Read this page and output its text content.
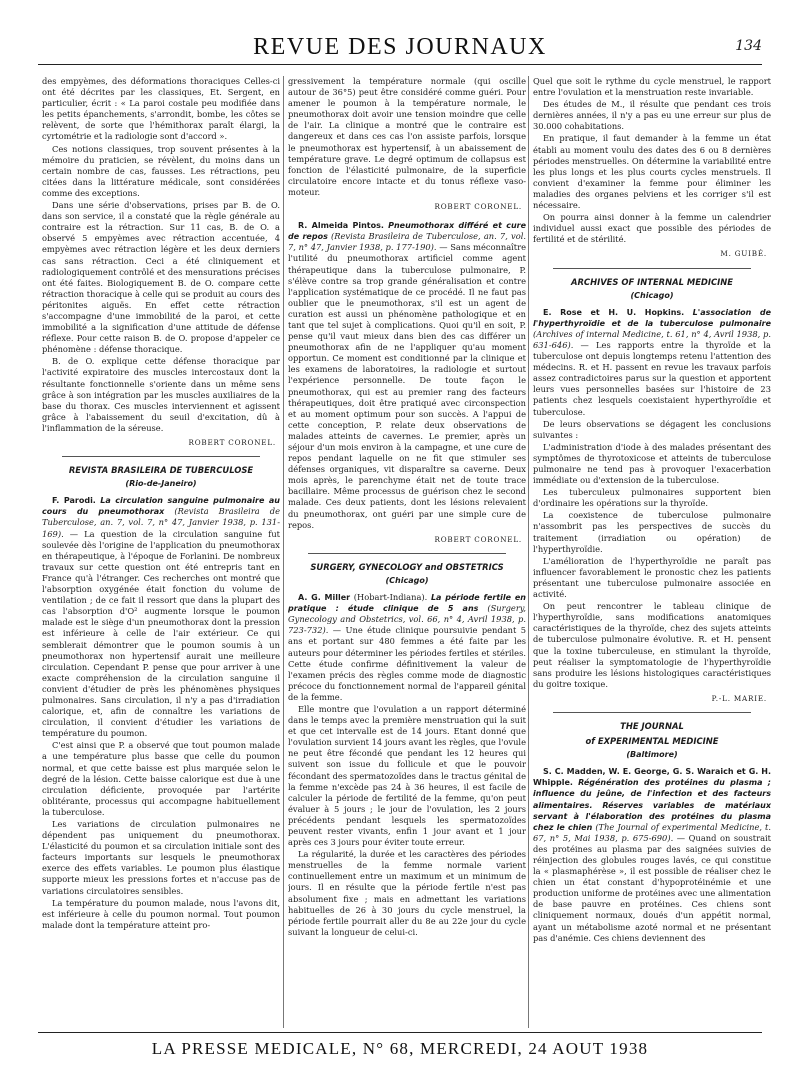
REVUE DES JOURNAUX	134

des empyèmes, des déformations thoraciques Celles-ci ont été décrites par les classiques, Et. Sergent, en particulier, écrit : « La paroi costale peu modifiée dans les petits épanchements, s'arrondit, bombe, les côtes se relèvent, de sorte que l'hémithorax paraît élargi, la cyrtométrie et la radiologie sont d'accord ».

Ces notions classiques, trop souvent présentes à la mémoire du praticien, se révèlent, du moins dans un certain nombre de cas, fausses. Les rétractions, peu citées dans la littérature médicale, sont considérées comme des exceptions.

Dans une série d'observations, prises par B. de O. dans son service, il a constaté que la règle générale au contraire est la rétraction. Sur 11 cas, B. de O. a observé 5 empyèmes avec rétraction accentuée, 4 empyèmes avec rétraction légère et les deux derniers cas sans rétraction. Ceci a été cliniquement et radiologiquement contrôlé et des mensurations précises ont été faites. Biologiquement B. de O. compare cette rétraction thoracique à celle qui se produit au cours des péritonites aiguës. En effet cette rétraction s'accompagne d'une immobilité de la paroi, et cette immobilité a la signification d'une attitude de défense réflexe. Pour cette raison B. de O. propose d'appeler ce phénomène : défense thoracique.

B. de O. explique cette défense thoracique par l'activité expiratoire des muscles intercostaux dont la résultante fonctionnelle s'oriente dans un même sens grâce à son intégration par les muscles auxiliaires de la base du thorax. Ces muscles interviennent et agissent grâce à l'abaissement du seuil d'excitation, dû à l'inflammation de la séreuse.

ROBERT CORONEL.
REVISTA BRASILEIRA DE TUBERCULOSE
(Rio-de-Janeiro)

F. Parodi. La circulation sanguine pulmonaire au cours du pneumothorax (Revista Brasileira de Tuberculose, an. 7, vol. 7, n° 47, Janvier 1938, p. 131-169). — La question de la circulation sanguine fut soulevée dès l'origine de l'application du pneumothorax en thérapeutique, à l'époque de Forlanini. De nombreux travaux sur cette question ont été entrepris tant en France qu'à l'étranger. Ces recherches ont montré que l'absorption oxygénée était fonction du volume de ventilation ; de ce fait il ressort que dans la plupart des cas l'absorption d'O² augmente lorsque le poumon malade est le siège d'un pneumothorax dont la pression est inférieure à celle de l'air extérieur. Ce qui semblerait démontrer que le poumon soumis à un pneumothorax non hypertensif aurait une meilleure circulation. Cependant P. pense que pour arriver à une exacte compréhension de la circulation sanguine il convient d'étudier de près les phénomènes physiques pulmonaires. Sans circulation, il n'y a pas d'irradiation calorique, et, afin de connaître les variations de circulation, il convient d'étudier les variations de température du poumon.

C'est ainsi que P. a observé que tout poumon malade a une température plus basse que celle du poumon normal, et que cette baisse est plus marquée selon le degré de la lésion. Cette baisse calorique est due à une circulation déficiente, provoquée par l'artérite oblitérante, processus qui accompagne habituellement la tuberculose.

Les variations de circulation pulmonaires ne dépendent pas uniquement du pneumothorax. L'élasticité du poumon et sa circulation initiale sont des facteurs importants sur lesquels le pneumothorax exerce des effets variables. Le poumon plus élastique supporte mieux les pressions fortes et n'accuse pas de variations circulatoires sensibles.

La température du poumon malade, nous l'avons dit, est inférieure à celle du poumon normal. Tout poumon malade dont la température atteint pro-

gressivement la température normale (qui oscille autour de 36°5) peut être considéré comme guéri. Pour amener le poumon à la température normale, le pneumothorax doit avoir une tension moindre que celle de l'air. La clinique a montré que le contraire est dangereux et dans ces cas l'on assiste parfois, lorsque le pneumothorax est hypertensif, à un abaissement de température grave. Le degré optimum de collapsus est fonction de l'élasticité pulmonaire, de la superficie circulatoire encore intacte et du tonus réflexe vaso-moteur.

ROBERT CORONEL.

R. Almeida Pintos. Pneumothorax différé et cure de repos (Revista Brasileira de Tuberculose, an. 7, vol. 7, n° 47, Janvier 1938, p. 177-190). — Sans méconnaître l'utilité du pneumothorax artificiel comme agent thérapeutique dans la tuberculose pulmonaire, P. s'élève contre sa trop grande généralisation et contre l'application systématique de ce procédé. Il ne faut pas oublier que le pneumothorax, s'il est un agent de curation est aussi un phénomène pathologique et en tant que tel sujet à complications. Quoi qu'il en soit, P. pense qu'il vaut mieux dans bien des cas différer un pneumothorax afin de ne l'appliquer qu'au moment opportun. Ce moment est conditionné par la clinique et les examens de laboratoires, la radiologie et surtout l'expérience personnelle. De toute façon le pneumothorax, qui est au premier rang des facteurs thérapeutiques, doit être pratiqué avec circonspection et au moment optimum pour son succès. A l'appui de cette conception, P. relate deux observations de malades atteints de cavernes. Le premier, après un séjour d'un mois environ à la campagne, et une cure de repos pendant laquelle on ne fit que stimuler ses défenses organiques, vit disparaître sa caverne. Deux mois après, le parenchyme était net de toute trace bacillaire. Même processus de guérison chez le second malade. Ces deux patients, dont les lésions relevaient du pneumothorax, ont guéri par une simple cure de repos.

ROBERT CORONEL.
SURGERY, GYNECOLOGY and OBSTETRICS
(Chicago)

A. G. Miller (Hobart-Indiana). La période fertile en pratique : étude clinique de 5 ans (Surgery, Gynecology and Obstetrics, vol. 66, n° 4, Avril 1938, p. 723-732). — Une étude clinique poursuivie pendant 5 ans et portant sur 480 femmes a été faite par les auteurs pour déterminer les périodes fertiles et stériles. Cette étude confirme définitivement la valeur de l'examen précis des règles comme mode de diagnostic précoce du fonctionnement normal de l'appareil génital de la femme.

Elle montre que l'ovulation a un rapport déterminé dans le temps avec la première menstruation qui la suit et que cet intervalle est de 14 jours. Etant donné que l'ovulation survient 14 jours avant les règles, que l'ovule ne peut être fécondé que pendant les 12 heures qui suivent son issue du follicule et que le pouvoir fécondant des spermatozoïdes dans le tractus génital de la femme n'excède pas 24 à 36 heures, il est facile de calculer la période de fertilité de la femme, qu'on peut évaluer à 5 jours ; le jour de l'ovulation, les 2 jours précédents pendant lesquels les spermatozoïdes peuvent rester vivants, enfin 1 jour avant et 1 jour après ces 3 jours pour éviter toute erreur.

La régularité, la durée et les caractères des périodes menstruelles de la femme normale varient continuellement entre un maximum et un minimum de jours. Il en résulte que la période fertile n'est pas absolument fixe ; mais en admettant les variations habituelles de 26 à 30 jours du cycle menstruel, la période fertile pourrait aller du 8e au 22e jour du cycle suivant la longueur de celui-ci.

Quel que soit le rythme du cycle menstruel, le rapport entre l'ovulation et la menstruation reste invariable.

Des études de M., il résulte que pendant ces trois dernières années, il n'y a pas eu une erreur sur plus de 30.000 cohabitations.

En pratique, il faut demander à la femme un état établi au moment voulu des dates des 6 ou 8 dernières périodes menstruelles. On détermine la variabilité entre les plus longs et les plus courts cycles menstruels. Il convient d'examiner la femme pour éliminer les maladies des organes pelviens et les corriger s'il est nécessaire.

On pourra ainsi donner à la femme un calendrier individuel aussi exact que possible des périodes de fertilité et de stérilité.

M. GUIBÉ.
ARCHIVES OF INTERNAL MEDICINE
(Chicago)

E. Rose et H. U. Hopkins. L'association de l'hyperthyroïdie et de la tuberculose pulmonaire (Archives of internal Medicine, t. 61, n° 4, Avril 1938, p. 631-646). — Les rapports entre la thyroïde et la tuberculose ont depuis longtemps retenu l'attention des médecins. R. et H. passent en revue les travaux parfois assez contradictoires parus sur la question et apportent leurs vues personnelles basées sur l'histoire de 23 patients chez lesquels coexistaient hyperthyroïdie et tuberculose.

De leurs observations se dégagent les conclusions suivantes :

L'administration d'iode à des malades présentant des symptômes de thyrotoxicose et atteints de tuberculose pulmonaire ne tend pas à provoquer l'exacerbation immédiate ou d'extension de la tuberculose.

Les tuberculeux pulmonaires supportent bien d'ordinaire les opérations sur la thyroïde.

La coexistence de tuberculose pulmonaire n'assombrit pas les perspectives de succès du traitement (irradiation ou opération) de l'hyperthyroïdie.

L'amélioration de l'hyperthyroïdie ne paraît pas influencer favorablement le pronostic chez les patients présentant une tuberculose pulmonaire associée en activité.

On peut rencontrer le tableau clinique de l'hyperthyroïdie, sans modifications anatomiques caractéristiques de la thyroïde, chez des sujets atteints de tuberculose pulmonaire évolutive. R. et H. pensent que la toxine tuberculeuse, en stimulant la thyroïde, peut réaliser la symptomatologie de l'hyperthyroïdie sans produire les lésions histologiques caractéristiques du goitre toxique.

P.-L. MARIE.
THE JOURNAL
of EXPERIMENTAL MEDICINE
(Baltimore)

S. C. Madden, W. E. George, G. S. Waraich et G. H. Whipple. Régénération des protéines du plasma ; influence du jeûne, de l'infection et des facteurs alimentaires. Réserves variables de matériaux servant à l'élaboration des protéines du plasma chez le chien (The Journal of experimental Medicine, t. 67, n° 5, Mai 1938, p. 675-690). — Quand on soustrait des protéines au plasma par des saignées suivies de réinjection des globules rouges lavés, ce qui constitue la « plasmaphérèse », il est possible de réaliser chez le chien un état constant d'hypoprotéinémie et une production uniforme de protéines avec une alimentation de base pauvre en protéines. Ces chiens sont cliniquement normaux, doués d'un appétit normal, ayant un métabolisme azoté normal et ne présentant pas d'anémie. Ces chiens deviennent des

LA PRESSE MEDICALE, N° 68, MERCREDI, 24 AOUT 1938
